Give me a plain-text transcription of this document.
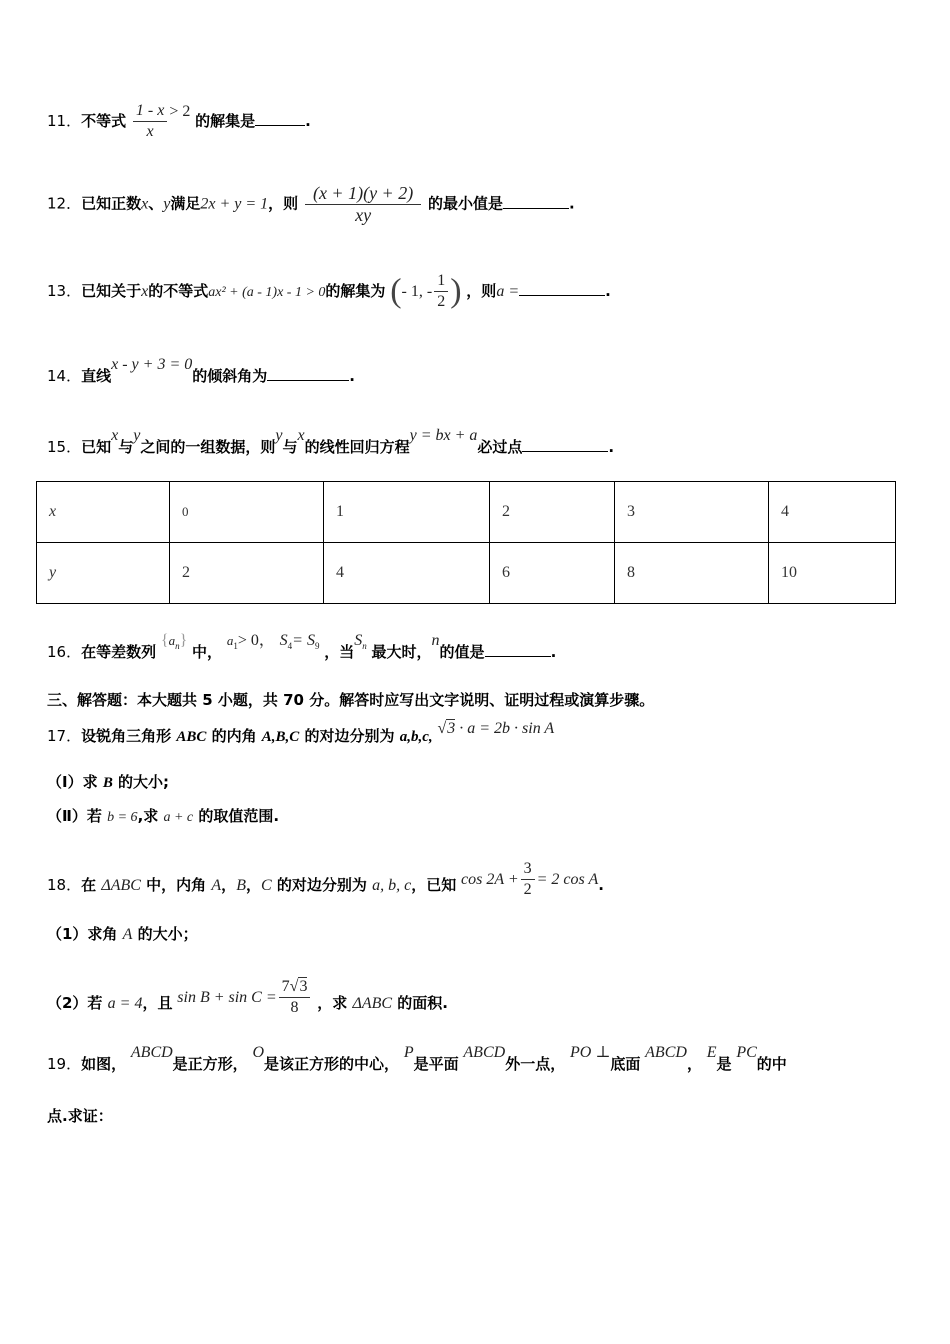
11．不等式 $\frac{1 - x}{x} > 2$ 的解集是	.
12．已知正数x、y满足2x + y = 1，则 $\frac{(x + 1)(y + 2)}{xy}$ 的最小值是	.
13．已知关于x的不等式ax² + (a - 1)x - 1 > 0的解集为 (- 1, - $\frac{1}{2}$ ) ，则a =	.
14．直线x - y + 3 = 0的倾斜角为	.
15．已知x与y之间的一组数据，则y与x的线性回归方程y = bx + a必过点	.
x	0	1	2	3	4
y	2	4	6	8	10
16．在等差数列 $\{a_n\}$ 中， $a_1> 0$， $S_4= S_9$ ，当$S_n$ 最大时，n的值是	.
三、解答题：本大题共 5 小题，共 70 分。解答时应写出文字说明、证明过程或演算步骤。
17．设锐角三角形 ABC 的内角 A,B,C 的对边分别为 a,b,c, √3 · a = 2b · sin A
（Ⅰ）求 B 的大小;
（Ⅱ）若 b = 6,求 a + c 的取值范围.
18．在 ΔABC 中，内角 A，B，C 的对边分别为 a, b, c，已知 $\cos 2A + \frac{3}{2} = 2$ cos A.
（1）求角 A 的大小；
（2）若 a = 4，且 $\sin B + \sin C = \frac{7√3}{8}$ ，求 ΔABC 的面积.
19．如图， ABCD是正方形， O是该正方形的中心， P是平面 ABCD外一点， PO ⊥底面 ABCD， E是 PC的中
点.求证：
